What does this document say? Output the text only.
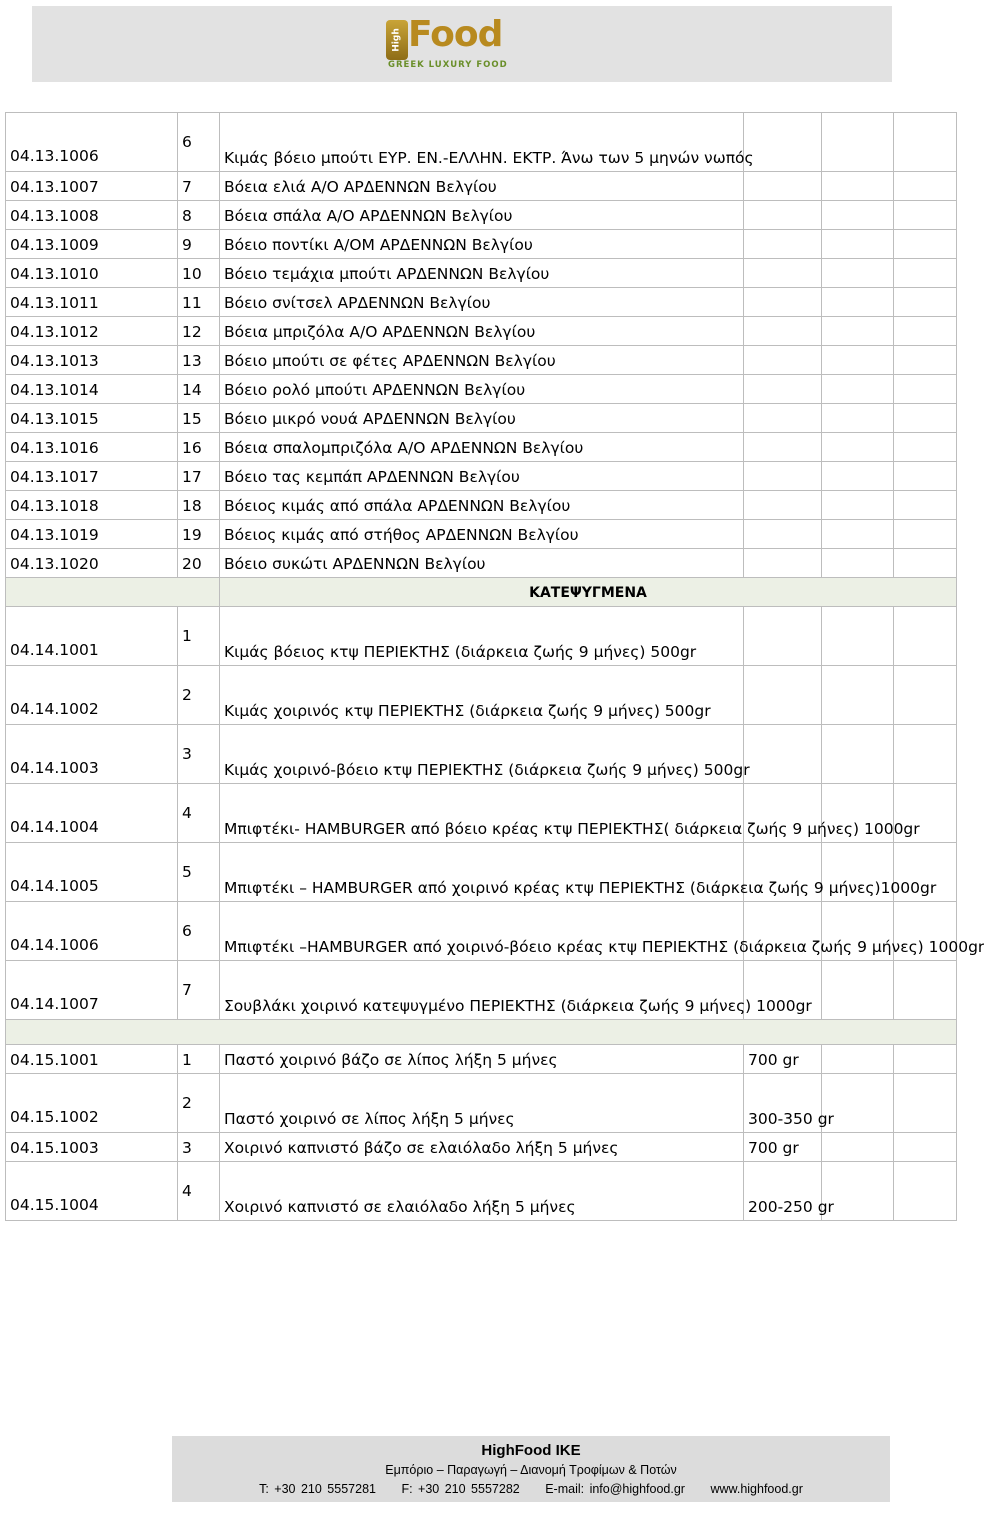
High Food
GREEK LUXURY FOOD
04.13.1006	6	Κιμάς βόειο μπούτι ΕΥΡ. ΕΝ.-ΕΛΛΗΝ. ΕΚΤΡ. Άνω των 5 μηνών νωπός			
04.13.1007	7	Βόεια ελιά Α/Ο ΑΡΔΕΝΝΩΝ Βελγίου			
04.13.1008	8	Βόεια σπάλα Α/Ο ΑΡΔΕΝΝΩΝ Βελγίου			
04.13.1009	9	Βόειο ποντίκι Α/ΟΜ ΑΡΔΕΝΝΩΝ Βελγίου			
04.13.1010	10	Βόειο τεμάχια μπούτι ΑΡΔΕΝΝΩΝ Βελγίου			
04.13.1011	11	Βόειο σνίτσελ ΑΡΔΕΝΝΩΝ Βελγίου			
04.13.1012	12	Βόεια μπριζόλα Α/Ο ΑΡΔΕΝΝΩΝ Βελγίου			
04.13.1013	13	Βόειο μπούτι σε φέτες ΑΡΔΕΝΝΩΝ Βελγίου			
04.13.1014	14	Βόειο ρολό μπούτι ΑΡΔΕΝΝΩΝ Βελγίου			
04.13.1015	15	Βόειο μικρό νουά ΑΡΔΕΝΝΩΝ Βελγίου			
04.13.1016	16	Βόεια σπαλομπριζόλα Α/Ο ΑΡΔΕΝΝΩΝ Βελγίου			
04.13.1017	17	Βόειο τας κεμπάπ ΑΡΔΕΝΝΩΝ Βελγίου			
04.13.1018	18	Βόειος κιμάς από σπάλα ΑΡΔΕΝΝΩΝ Βελγίου			
04.13.1019	19	Βόειος κιμάς από στήθος ΑΡΔΕΝΝΩΝ Βελγίου			
04.13.1020	20	Βόειο συκώτι ΑΡΔΕΝΝΩΝ Βελγίου			
		ΚΑΤΕΨΥΓΜΕΝΑ			
04.14.1001	1	Κιμάς βόειος κτψ ΠΕΡΙΕΚΤΗΣ (διάρκεια ζωής 9 μήνες) 500gr			
04.14.1002	2	Κιμάς χοιρινός κτψ ΠΕΡΙΕΚΤΗΣ (διάρκεια ζωής 9 μήνες) 500gr			
04.14.1003	3	Κιμάς χοιρινό-βόειο κτψ ΠΕΡΙΕΚΤΗΣ (διάρκεια ζωής 9 μήνες) 500gr			
04.14.1004	4	Μπιφτέκι- HAMBURGER από βόειο κρέας κτψ ΠΕΡΙΕΚΤΗΣ( διάρκεια ζωής 9 μήνες) 1000gr			
04.14.1005	5	Μπιφτέκι – HAMBURGER από χοιρινό κρέας κτψ ΠΕΡΙΕΚΤΗΣ (διάρκεια ζωής 9 μήνες)1000gr			
04.14.1006	6	Μπιφτέκι –HAMBURGER από χοιρινό-βόειο κρέας κτψ ΠΕΡΙΕΚΤΗΣ (διάρκεια ζωής 9 μήνες) 1000gr			
04.14.1007	7	Σουβλάκι χοιρινό κατεψυγμένο ΠΕΡΙΕΚΤΗΣ (διάρκεια ζωής 9 μήνες) 1000gr			

04.15.1001	1	Παστό χοιρινό βάζο σε λίπος λήξη 5 μήνες	700 gr		
04.15.1002	2	Παστό χοιρινό σε λίπος λήξη 5 μήνες	300-350 gr		
04.15.1003	3	Χοιρινό καπνιστό βάζο σε ελαιόλαδο λήξη 5 μήνες	700 gr		
04.15.1004	4	Χοιρινό καπνιστό σε ελαιόλαδο λήξη 5 μήνες	200-250 gr		
HighFood IKE
Εμπόριο – Παραγωγή – Διανομή Τροφίμων & Ποτών
T: +30 210 5557281 F: +30 210 5557282 E-mail: info@highfood.gr www.highfood.gr
